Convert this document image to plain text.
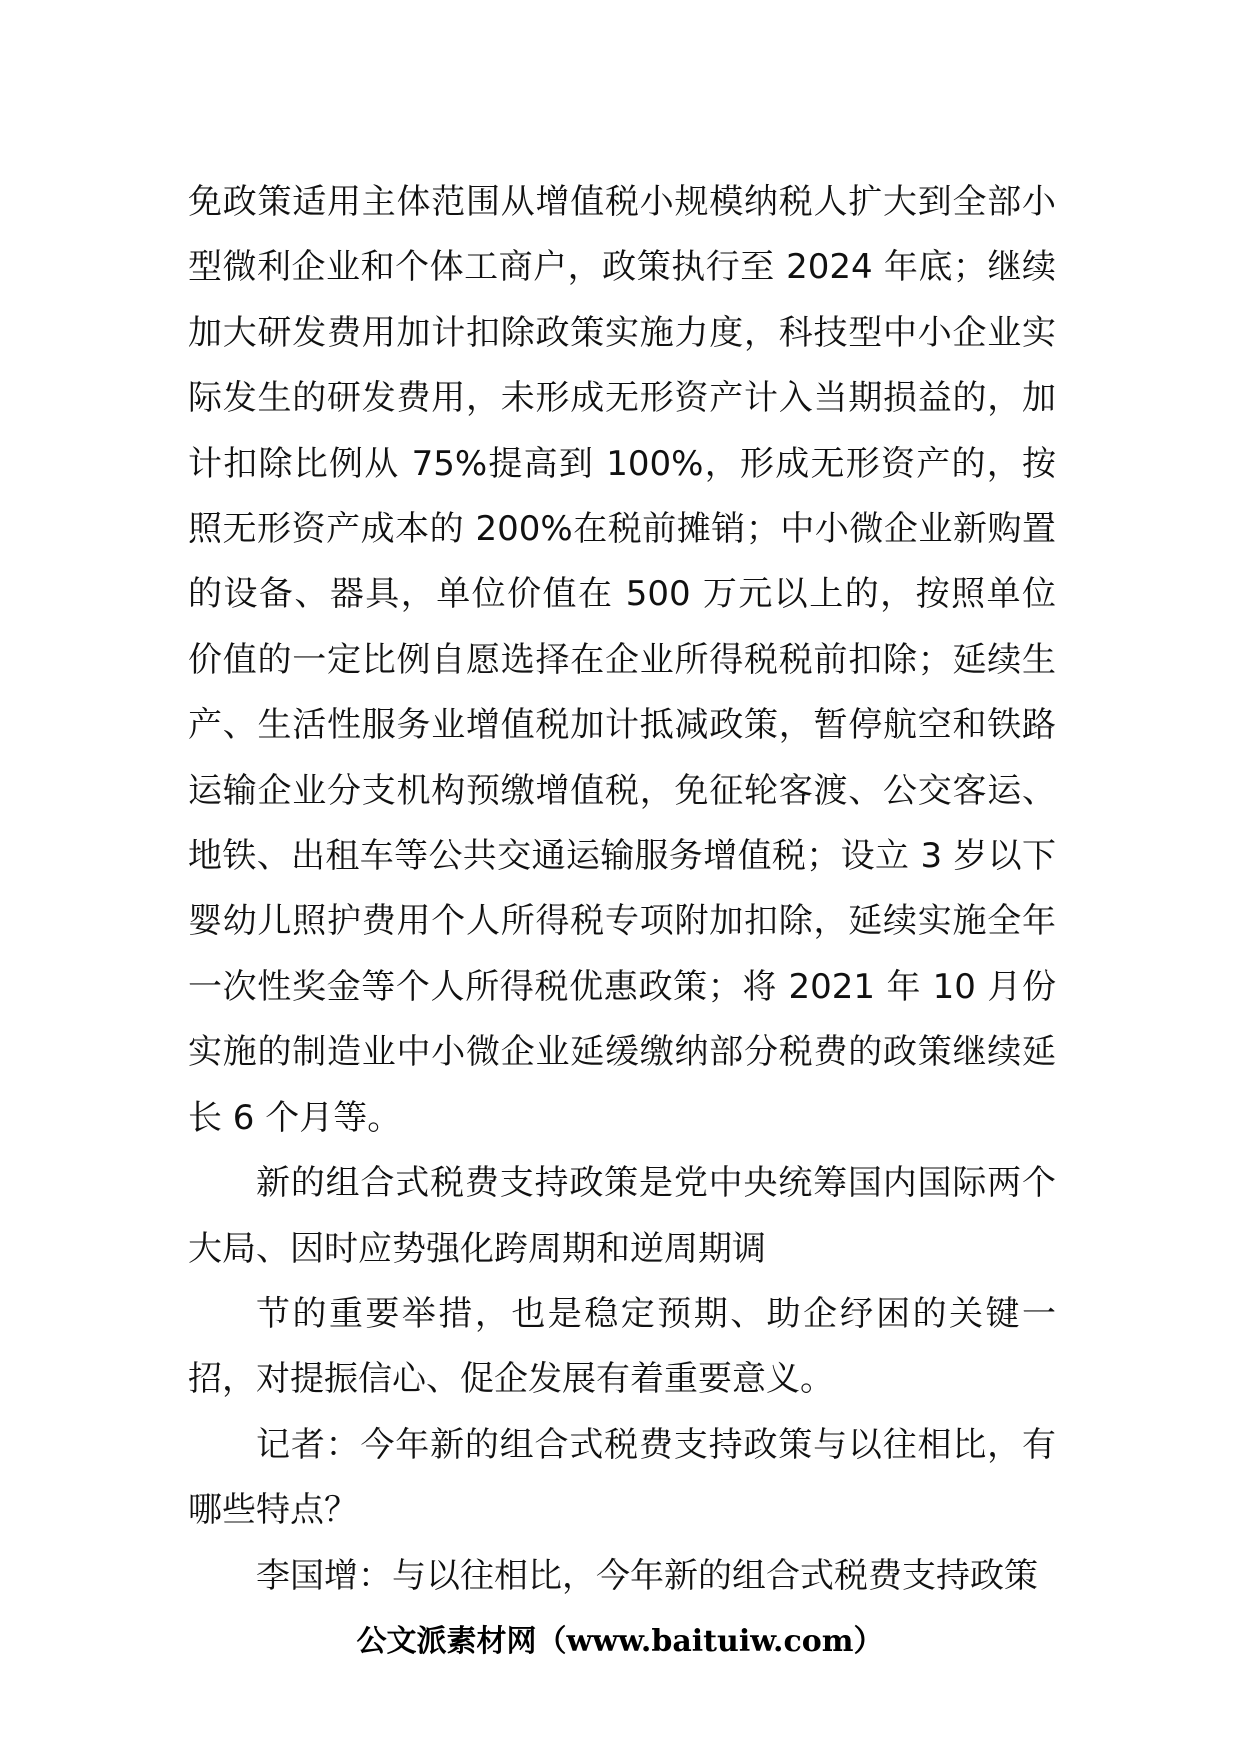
免政策适用主体范围从增值税小规模纳税人扩大到全部小型微利企业和个体工商户，政策执行至 2024 年底；继续加大研发费用加计扣除政策实施力度，科技型中小企业实际发生的研发费用，未形成无形资产计入当期损益的，加计扣除比例从 75%提高到 100%，形成无形资产的，按照无形资产成本的 200%在税前摊销；中小微企业新购置的设备、器具，单位价值在 500 万元以上的，按照单位价值的一定比例自愿选择在企业所得税税前扣除；延续生产、生活性服务业增值税加计抵减政策，暂停航空和铁路运输企业分支机构预缴增值税，免征轮客渡、公交客运、地铁、出租车等公共交通运输服务增值税；设立 3 岁以下婴幼儿照护费用个人所得税专项附加扣除，延续实施全年一次性奖金等个人所得税优惠政策；将 2021 年 10 月份实施的制造业中小微企业延缓缴纳部分税费的政策继续延长 6 个月等。

新的组合式税费支持政策是党中央统筹国内国际两个大局、因时应势强化跨周期和逆周期调

节的重要举措，也是稳定预期、助企纾困的关键一招，对提振信心、促企发展有着重要意义。

记者：今年新的组合式税费支持政策与以往相比，有哪些特点？

李国增：与以往相比，今年新的组合式税费支持政策

公文派素材网（www.baituiw.com）
